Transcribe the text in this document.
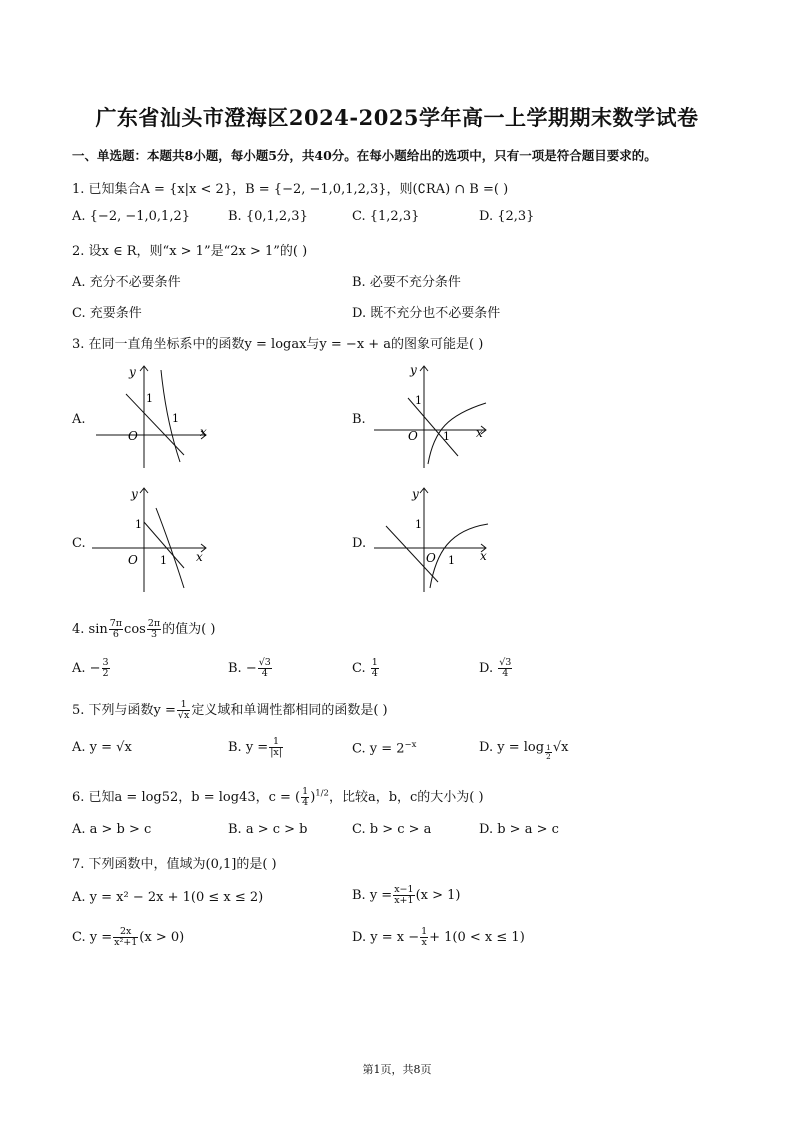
广东省汕头市澄海区2024-2025学年高一上学期期末数学试卷
一、单选题：本题共8小题，每小题5分，共40分。在每小题给出的选项中，只有一项是符合题目要求的。
1. 已知集合A = {x|x < 2}，B = {−2, −1,0,1,2,3}，则(∁RA) ∩ B =( )
A. {−2, −1,0,1,2}	B. {0,1,2,3}	C. {1,2,3}	D. {2,3}
2. 设x ∈ R，则“x > 1”是“2x > 1”的( )
A. 充分不必要条件	B. 必要不充分条件
C. 充要条件	D. 既不充分也不必要条件
3. 在同一直角坐标系中的函数y = logax与y = −x + a的图象可能是( )
A.	B.
C.	D.
y
x
O
1
1
y
x
O
1
1
y
x
O
1
1
y
x
O
1
1
4. $\sin \frac{7\pi}{6}$ $\cos \frac{2\pi}{3}$ 的值为( )
A. − $\frac{3}{2}$	B. − $\frac{√3}{4}$	C. $\frac{1}{4}$	D. $\frac{√3}{4}$
5. 下列与函数$y = \frac{1}{√x}$ 定义域和单调性都相同的函数是( )
A. y = √x	B. $y = \frac{1}{|x|}$	C. $y = 2^{-x}$	D. $y = \log \frac{1}{2} √x$
6. 已知a = log52，b = log43，c = ( $\frac{1}{4} )^{1/2}$，比较a，b，c的大小为( )
A. a > b > c	B. a > c > b	C. b > c > a	D. b > a > c
7. 下列函数中，值域为(0,1]的是( )
A. y = x² − 2x + 1(0 ≤ x ≤ 2)	B. $y = \frac{x-1}{x+1} (x > 1)$
C. $y = \frac{2x}{\text{x²+1}} (x > 0)$	D. $y = x - \frac{1}{x} + 1(0 < x \le 1)$
第1页，共8页
